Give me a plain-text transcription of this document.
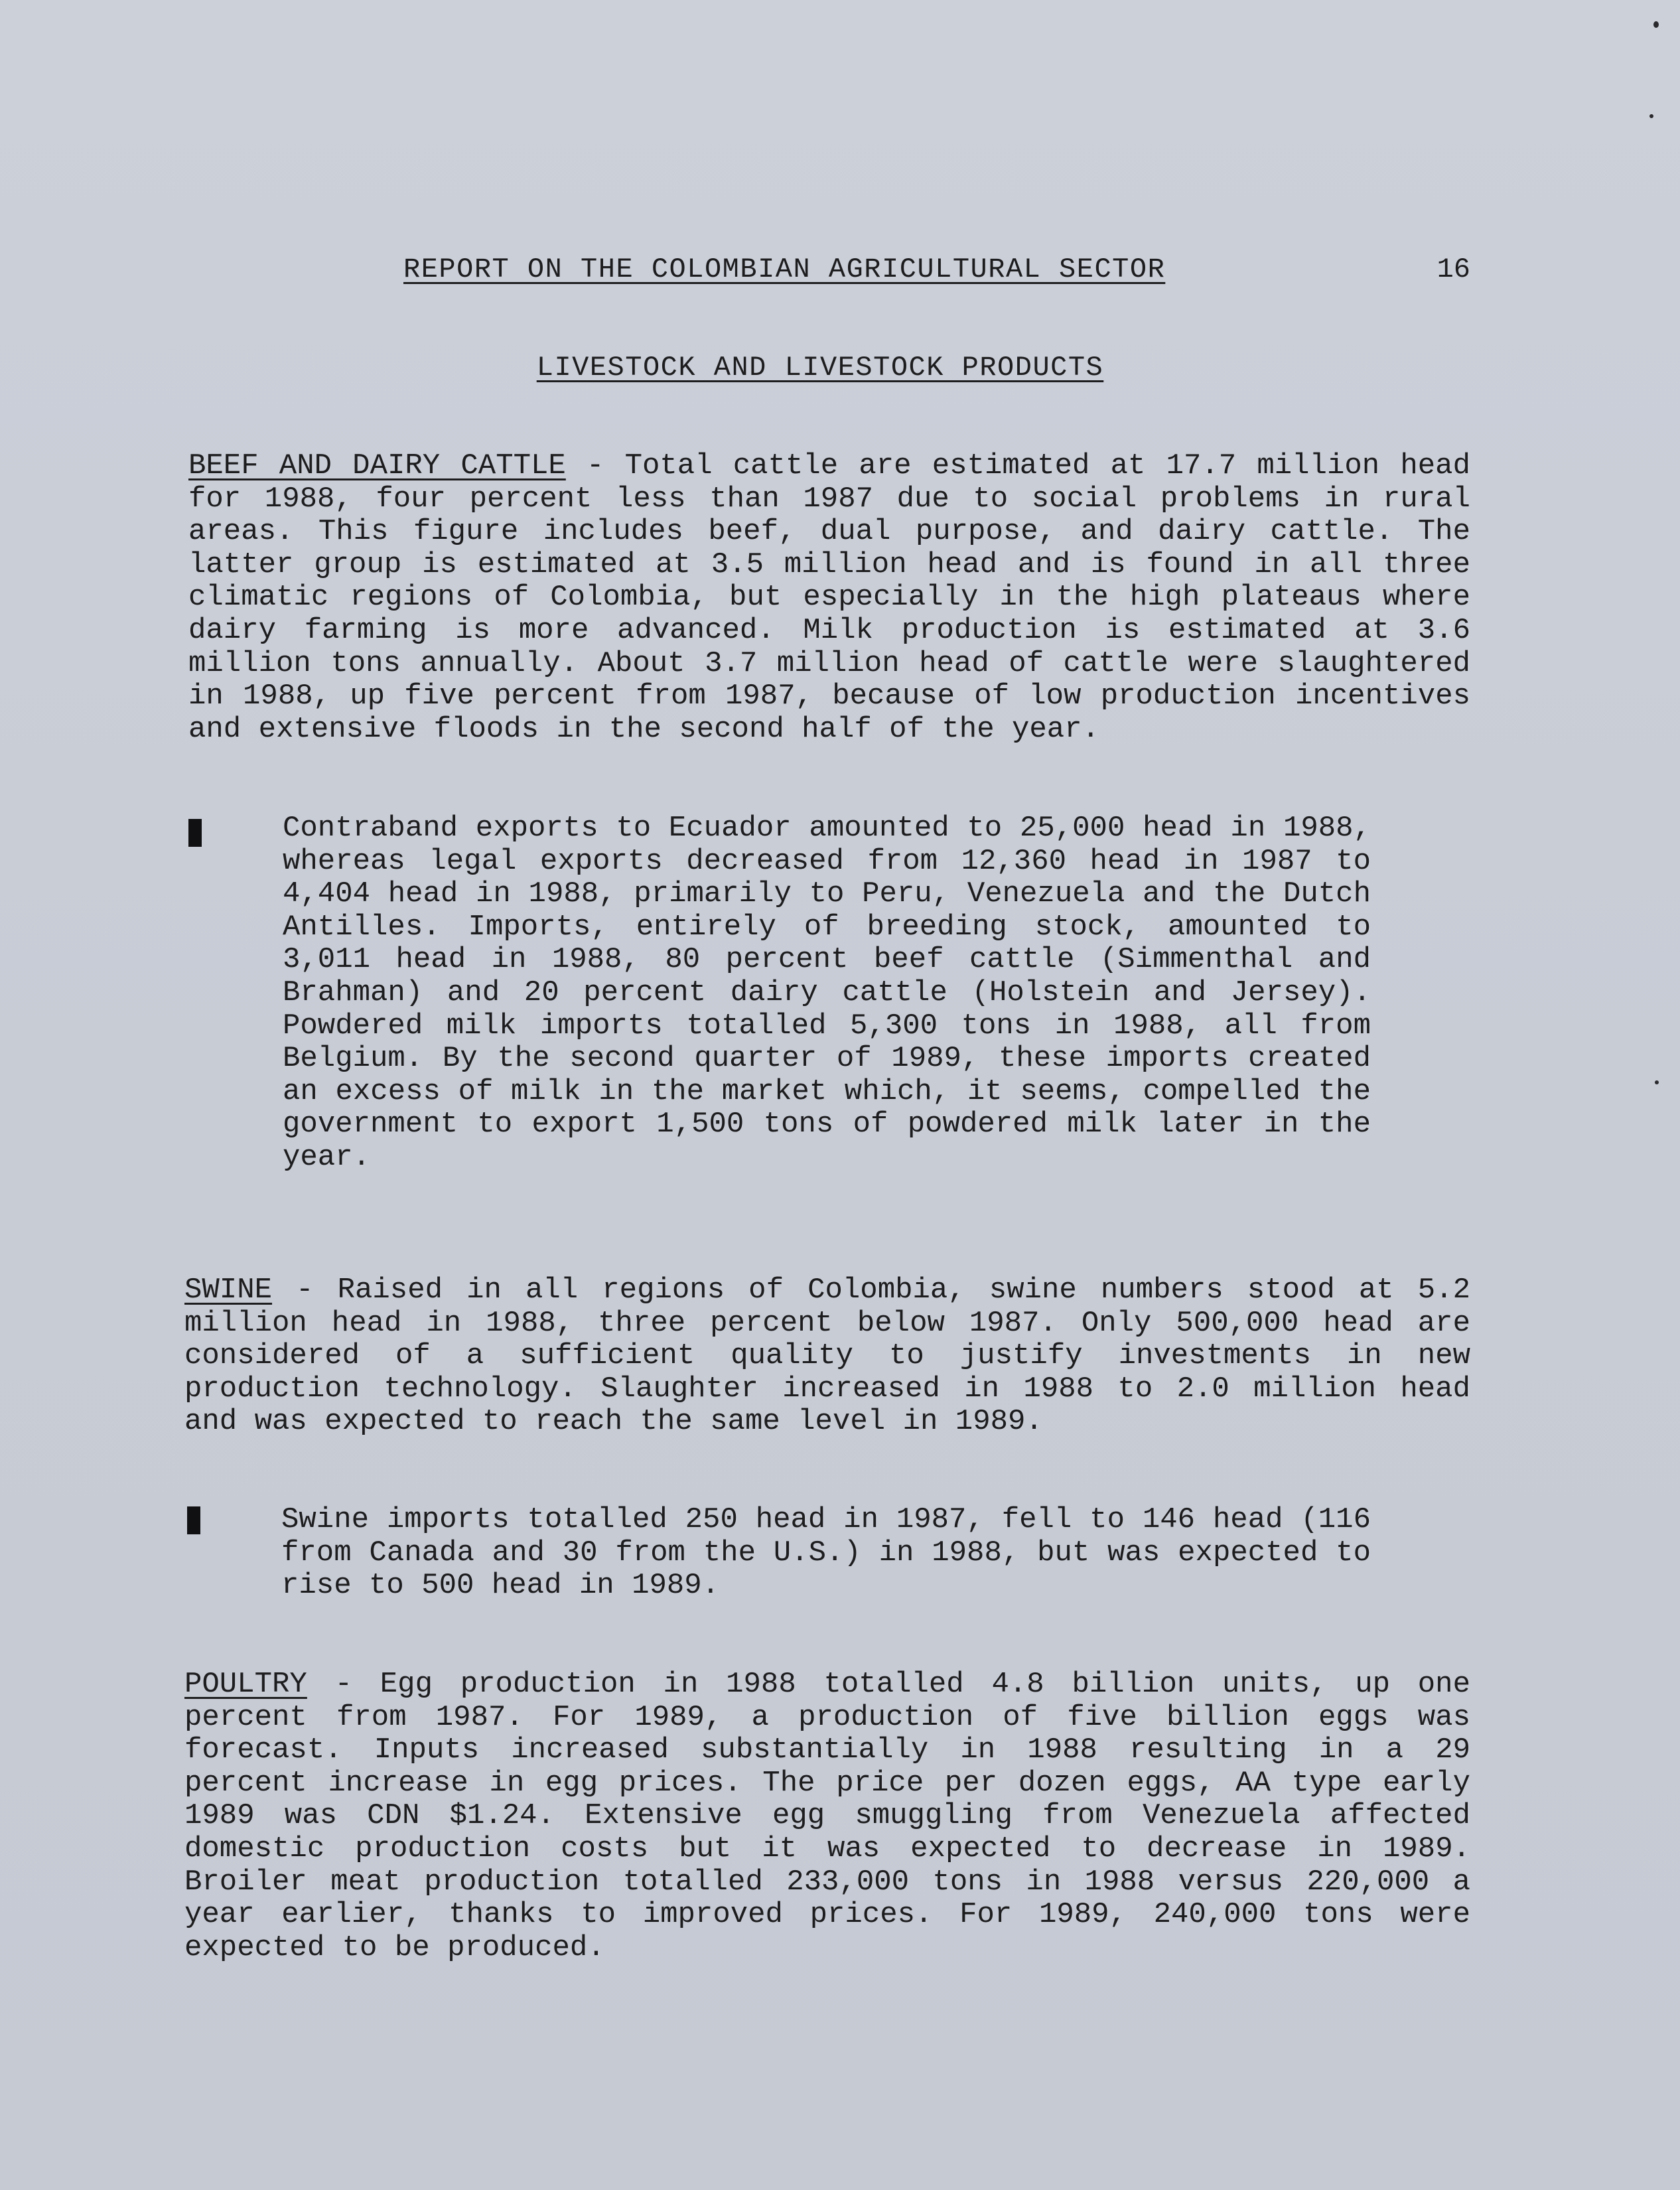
REPORT ON THE COLOMBIAN AGRICULTURAL SECTOR	16
LIVESTOCK AND LIVESTOCK PRODUCTS

BEEF AND DAIRY CATTLE - Total cattle are estimated at 17.7 million head for 1988, four percent less than 1987 due to social problems in rural areas. This figure includes beef, dual purpose, and dairy cattle. The latter group is estimated at 3.5 million head and is found in all three climatic regions of Colombia, but especially in the high plateaus where dairy farming is more advanced. Milk production is estimated at 3.6 million tons annually. About 3.7 million head of cattle were slaughtered in 1988, up five percent from 1987, because of low production incentives and extensive floods in the second half of the year.

Contraband exports to Ecuador amounted to 25,000 head in 1988, whereas legal exports decreased from 12,360 head in 1987 to 4,404 head in 1988, primarily to Peru, Venezuela and the Dutch Antilles. Imports, entirely of breeding stock, amounted to 3,011 head in 1988, 80 percent beef cattle (Simmenthal and Brahman) and 20 percent dairy cattle (Holstein and Jersey). Powdered milk imports totalled 5,300 tons in 1988, all from Belgium. By the second quarter of 1989, these imports created an excess of milk in the market which, it seems, compelled the government to export 1,500 tons of powdered milk later in the year.

SWINE - Raised in all regions of Colombia, swine numbers stood at 5.2 million head in 1988, three percent below 1987. Only 500,000 head are considered of a sufficient quality to justify investments in new production technology. Slaughter increased in 1988 to 2.0 million head and was expected to reach the same level in 1989.

Swine imports totalled 250 head in 1987, fell to 146 head (116 from Canada and 30 from the U.S.) in 1988, but was expected to rise to 500 head in 1989.

POULTRY - Egg production in 1988 totalled 4.8 billion units, up one percent from 1987. For 1989, a production of five billion eggs was forecast. Inputs increased substantially in 1988 resulting in a 29 percent increase in egg prices. The price per dozen eggs, AA type early 1989 was CDN $1.24. Extensive egg smuggling from Venezuela affected domestic production costs but it was expected to decrease in 1989. Broiler meat production totalled 233,000 tons in 1988 versus 220,000 a year earlier, thanks to improved prices. For 1989, 240,000 tons were expected to be produced.
